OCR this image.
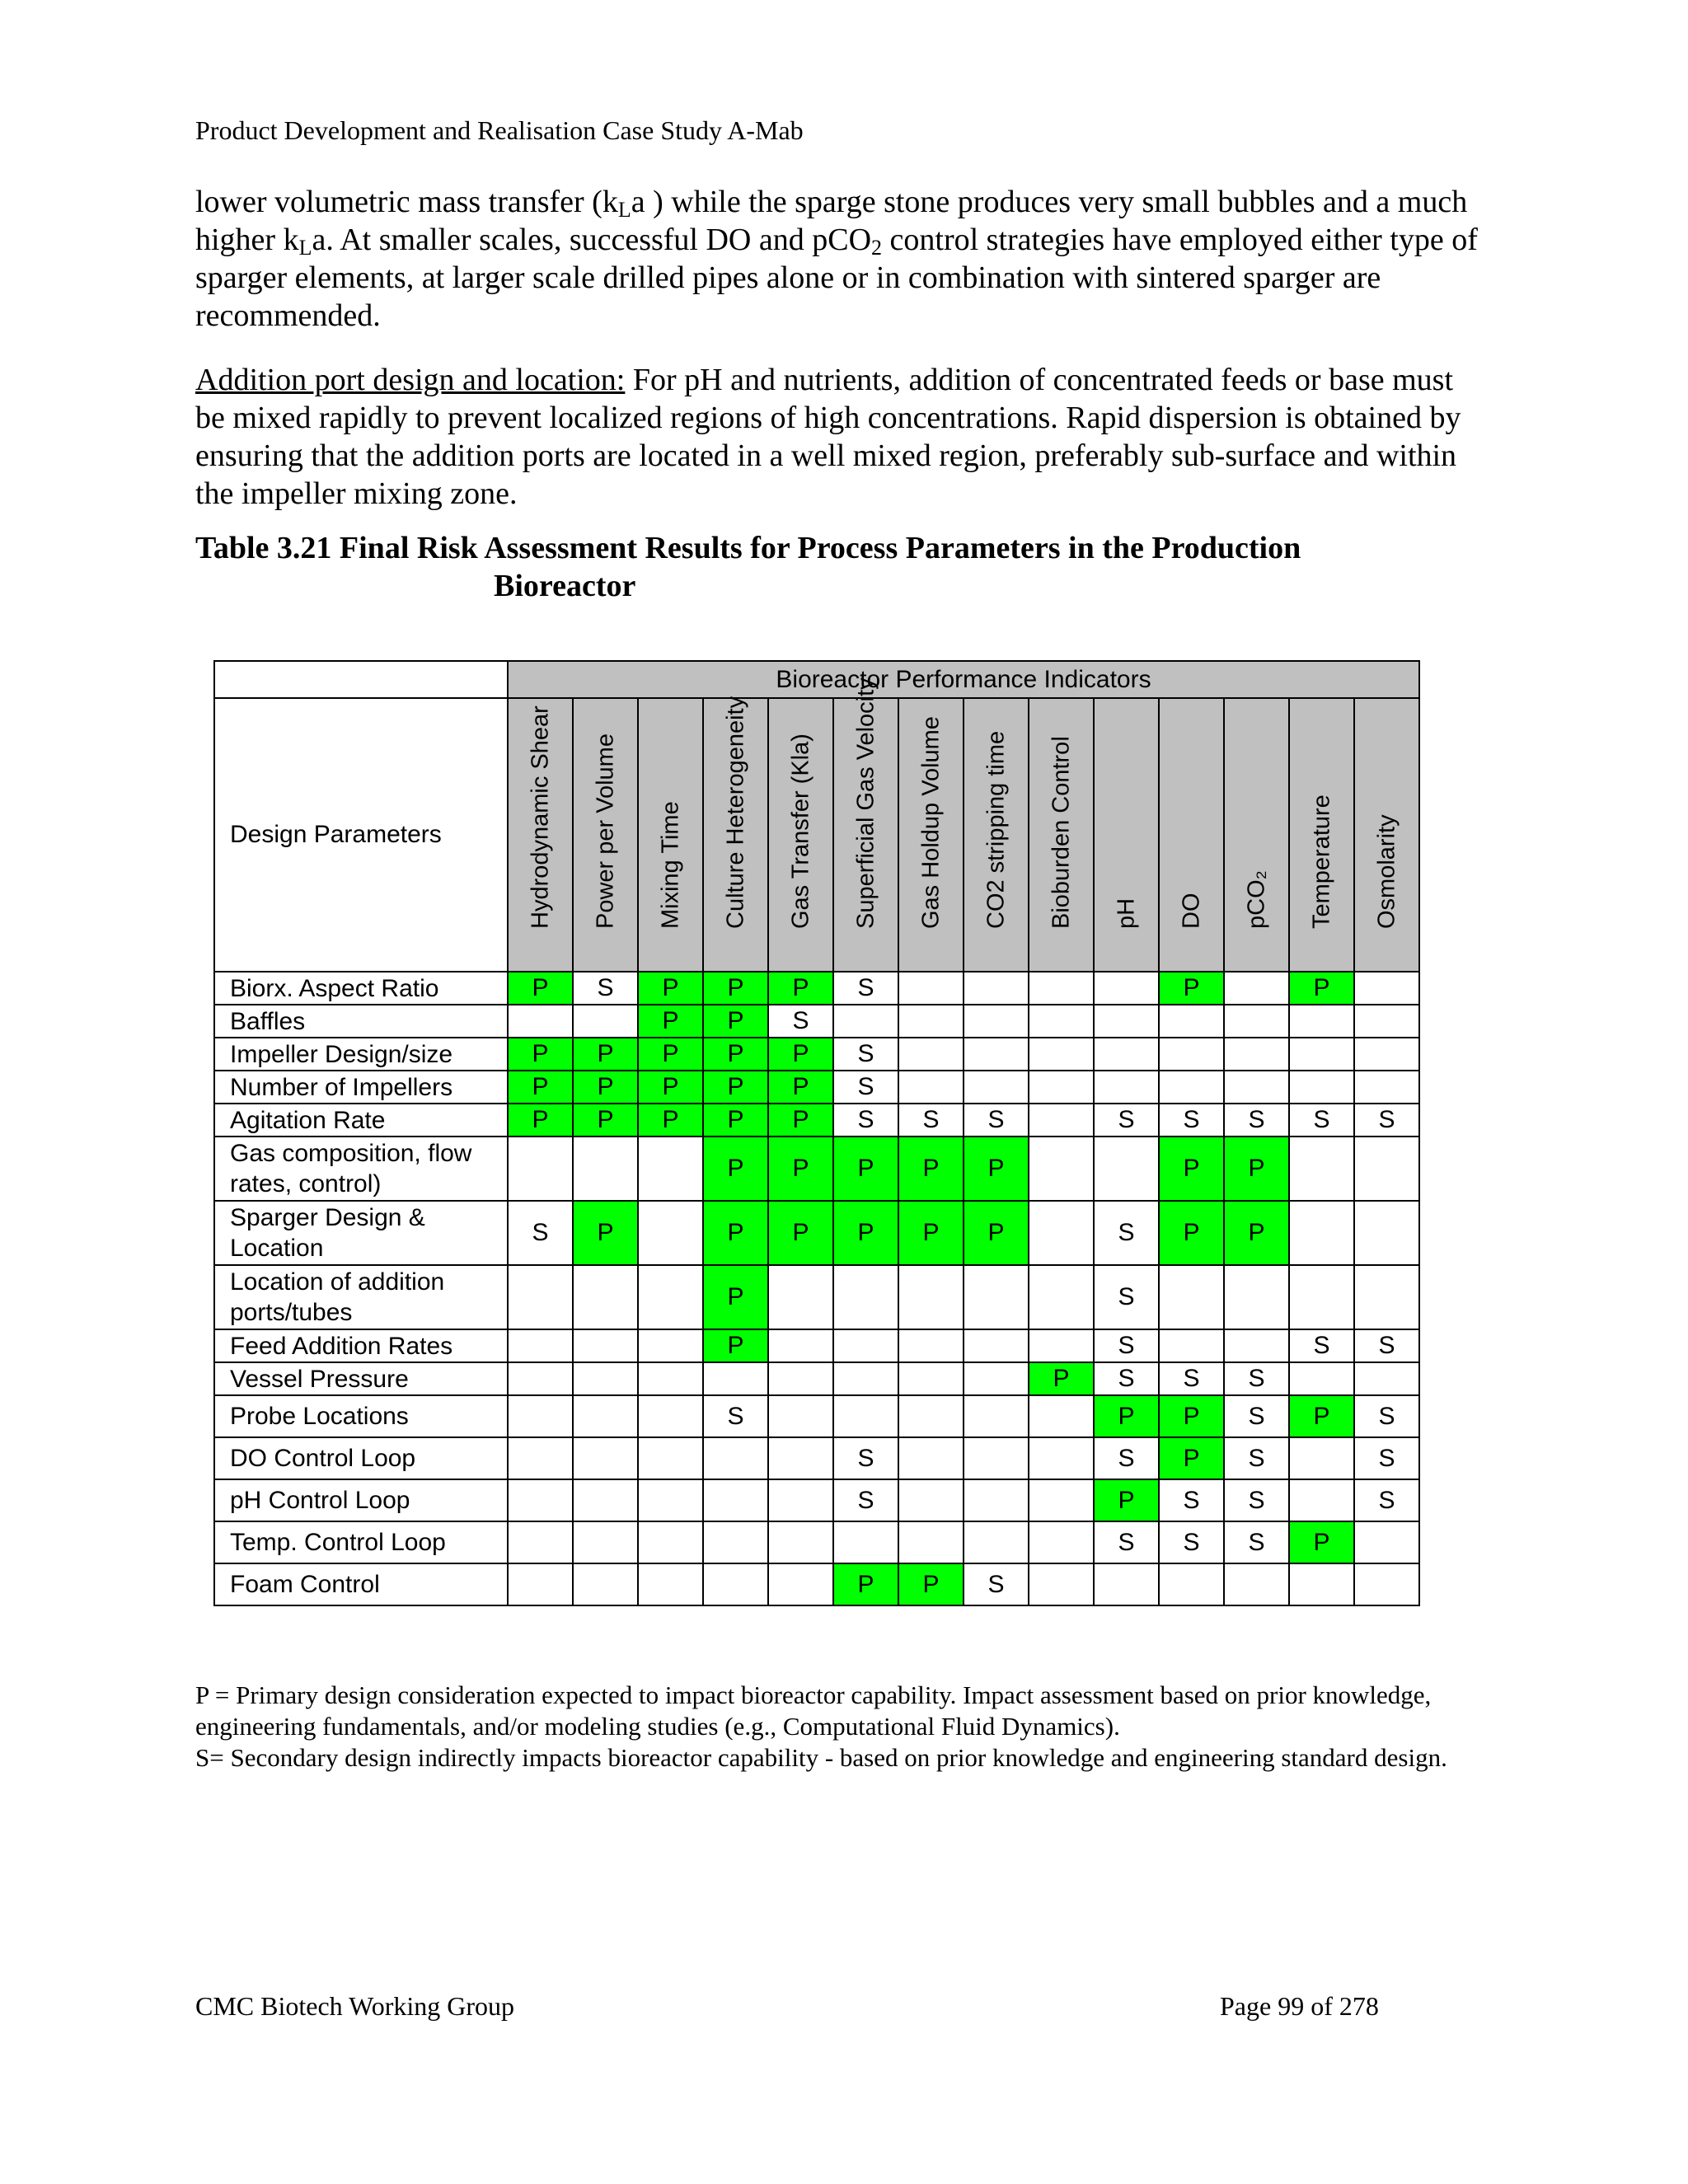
Product Development and Realisation Case Study A-Mab
lower volumetric mass transfer ($k_La$ ) while the sparge stone produces very small bubbles and a much higher $k_La$. At smaller scales, successful DO and pCO$_2$ control strategies have employed either type of sparger elements, at larger scale drilled pipes alone or in combination with sintered sparger are recommended.
Addition port design and location: For pH and nutrients, addition of concentrated feeds or base must be mixed rapidly to prevent localized regions of high concentrations. Rapid dispersion is obtained by ensuring that the addition ports are located in a well mixed region, preferably sub-surface and within the impeller mixing zone.
Table 3.21 Final Risk Assessment Results for Process Parameters in the Production
Bioreactor
	Bioreactor Performance Indicators													
Design Parameters	Hydrodynamic Shear	Power per Volume	Mixing Time	Culture Heterogeneity	Gas Transfer (Kla)	Superficial Gas Velocity	Gas Holdup Volume	CO2 stripping time	Bioburden Control	pH	DO	pCO₂	Temperature	Osmolarity

Biorx. Aspect Ratio	P	S	P	P	P	S					P		P	
Baffles			P	P	S									
Impeller Design/size	P	P	P	P	P	S								
Number of Impellers	P	P	P	P	P	S								
Agitation Rate	P	P	P	P	P	S	S	S		S	S	S	S	S
Gas composition, flow rates, control)				P	P	P	P	P			P	P		
Sparger Design & Location	S	P		P	P	P	P	P		S	P	P		
Location of addition ports/tubes				P						S				
Feed Addition Rates				P						S			S	S
Vessel Pressure									P	S	S	S		
Probe Locations				S						P	P	S	P	S
DO Control Loop						S				S	P	S		S
pH Control Loop						S				P	S	S		S
Temp. Control Loop										S	S	S	P	
Foam Control						P	P	S						
P = Primary design consideration expected to impact bioreactor capability. Impact assessment based on prior knowledge, engineering fundamentals, and/or modeling studies (e.g., Computational Fluid Dynamics).
S= Secondary design indirectly impacts bioreactor capability - based on prior knowledge and engineering standard design.
CMC Biotech Working Group	Page 99 of 278
